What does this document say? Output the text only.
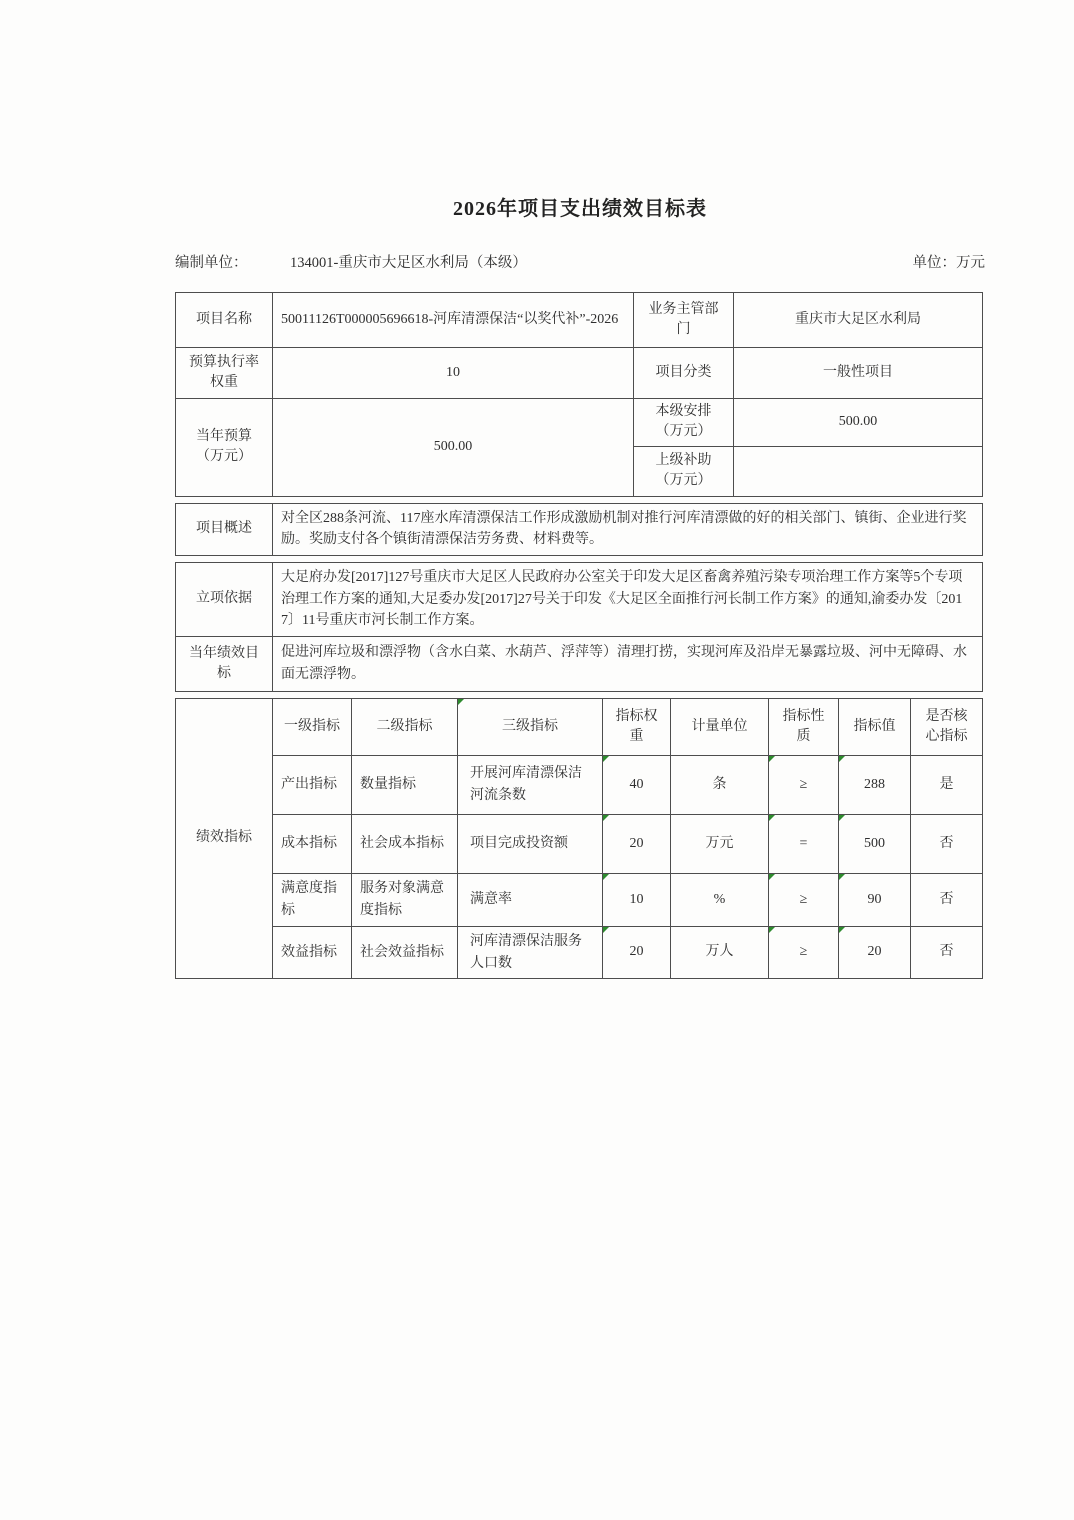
2026年项目支出绩效目标表
编制单位：	134001-重庆市大足区水利局（本级）	单位：万元
项目名称	50011126T000005696618-河库清漂保洁“以奖代补”-2026	业务主管部门	重庆市大足区水利局
预算执行率权重	10	项目分类	一般性项目
当年预算（万元）	500.00	本级安排（万元）	500.00
		上级补助（万元）	
项目概述	对全区288条河流、117座水库清漂保洁工作形成激励机制对推行河库清漂做的好的相关部门、镇街、企业进行奖励。奖励支付各个镇街清漂保洁劳务费、材料费等。
立项依据	大足府办发[2017]127号重庆市大足区人民政府办公室关于印发大足区畜禽养殖污染专项治理工作方案等5个专项治理工作方案的通知,大足委办发[2017]27号关于印发《大足区全面推行河长制工作方案》的通知,渝委办发〔2017〕11号重庆市河长制工作方案。
当年绩效目标	促进河库垃圾和漂浮物（含水白菜、水葫芦、浮萍等）清理打捞，实现河库及沿岸无暴露垃圾、河中无障碍、水面无漂浮物。
绩效指标	一级指标	二级指标	三级指标	指标权重	计量单位	指标性质	指标值	是否核心指标
	产出指标	数量指标	开展河库清漂保洁河流条数	40	条	≥	288	是
	成本指标	社会成本指标	项目完成投资额	20	万元	=	500	否
	满意度指标	服务对象满意度指标	满意率	10	%	≥	90	否
	效益指标	社会效益指标	河库清漂保洁服务人口数	20	万人	≥	20	否
